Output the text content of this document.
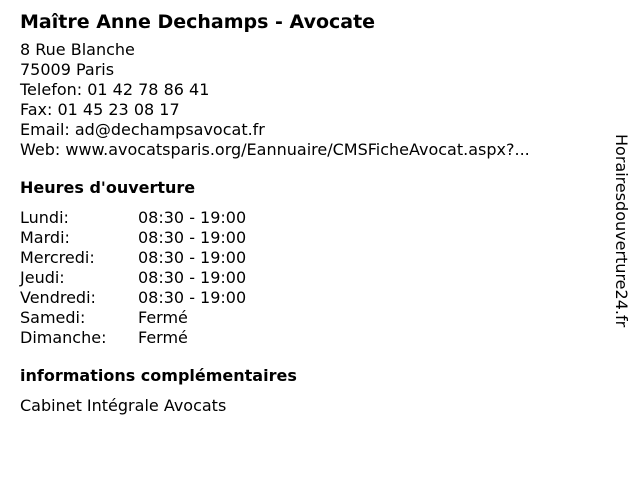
Maître Anne Dechamps - Avocate
8 Rue Blanche
75009 Paris
Telefon: 01 42 78 86 41
Fax: 01 45 23 08 17
Email: ad@dechampsavocat.fr
Web: www.avocatsparis.org/Eannuaire/CMSFicheAvocat.aspx?...
Heures d'ouverture
Lundi:	08:30 - 19:00
Mardi:	08:30 - 19:00
Mercredi:	08:30 - 19:00
Jeudi:	08:30 - 19:00
Vendredi:	08:30 - 19:00
Samedi:	Fermé
Dimanche:	Fermé
informations complémentaires
Cabinet Intégrale Avocats
Horairesdouverture24.fr
